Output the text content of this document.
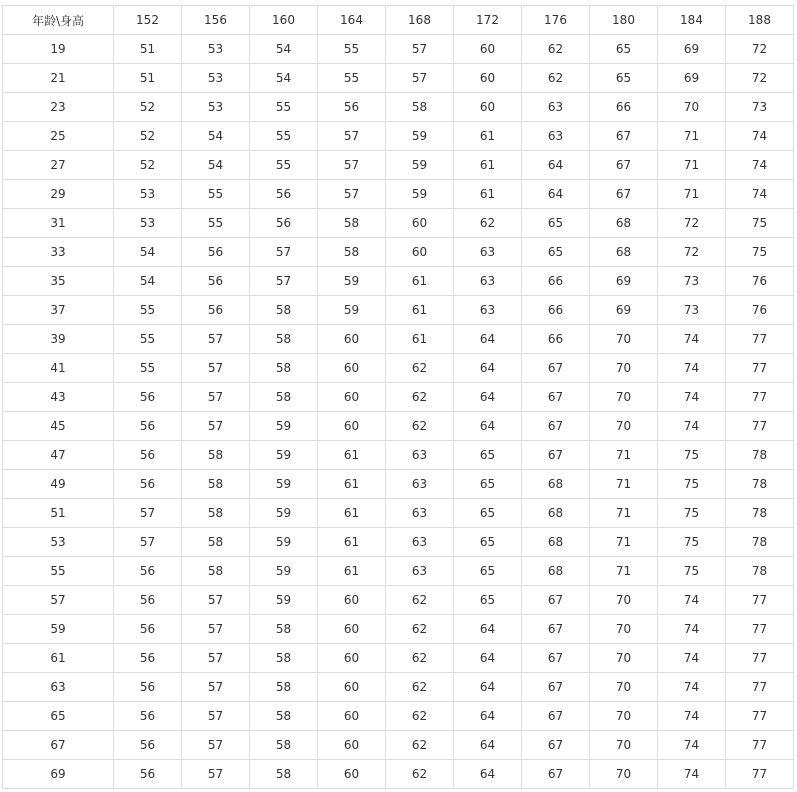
年龄\身高	152	156	160	164	168	172	176	180	184	188
19	51	53	54	55	57	60	62	65	69	72
21	51	53	54	55	57	60	62	65	69	72
23	52	53	55	56	58	60	63	66	70	73
25	52	54	55	57	59	61	63	67	71	74
27	52	54	55	57	59	61	64	67	71	74
29	53	55	56	57	59	61	64	67	71	74
31	53	55	56	58	60	62	65	68	72	75
33	54	56	57	58	60	63	65	68	72	75
35	54	56	57	59	61	63	66	69	73	76
37	55	56	58	59	61	63	66	69	73	76
39	55	57	58	60	61	64	66	70	74	77
41	55	57	58	60	62	64	67	70	74	77
43	56	57	58	60	62	64	67	70	74	77
45	56	57	59	60	62	64	67	70	74	77
47	56	58	59	61	63	65	67	71	75	78
49	56	58	59	61	63	65	68	71	75	78
51	57	58	59	61	63	65	68	71	75	78
53	57	58	59	61	63	65	68	71	75	78
55	56	58	59	61	63	65	68	71	75	78
57	56	57	59	60	62	65	67	70	74	77
59	56	57	58	60	62	64	67	70	74	77
61	56	57	58	60	62	64	67	70	74	77
63	56	57	58	60	62	64	67	70	74	77
65	56	57	58	60	62	64	67	70	74	77
67	56	57	58	60	62	64	67	70	74	77
69	56	57	58	60	62	64	67	70	74	77
